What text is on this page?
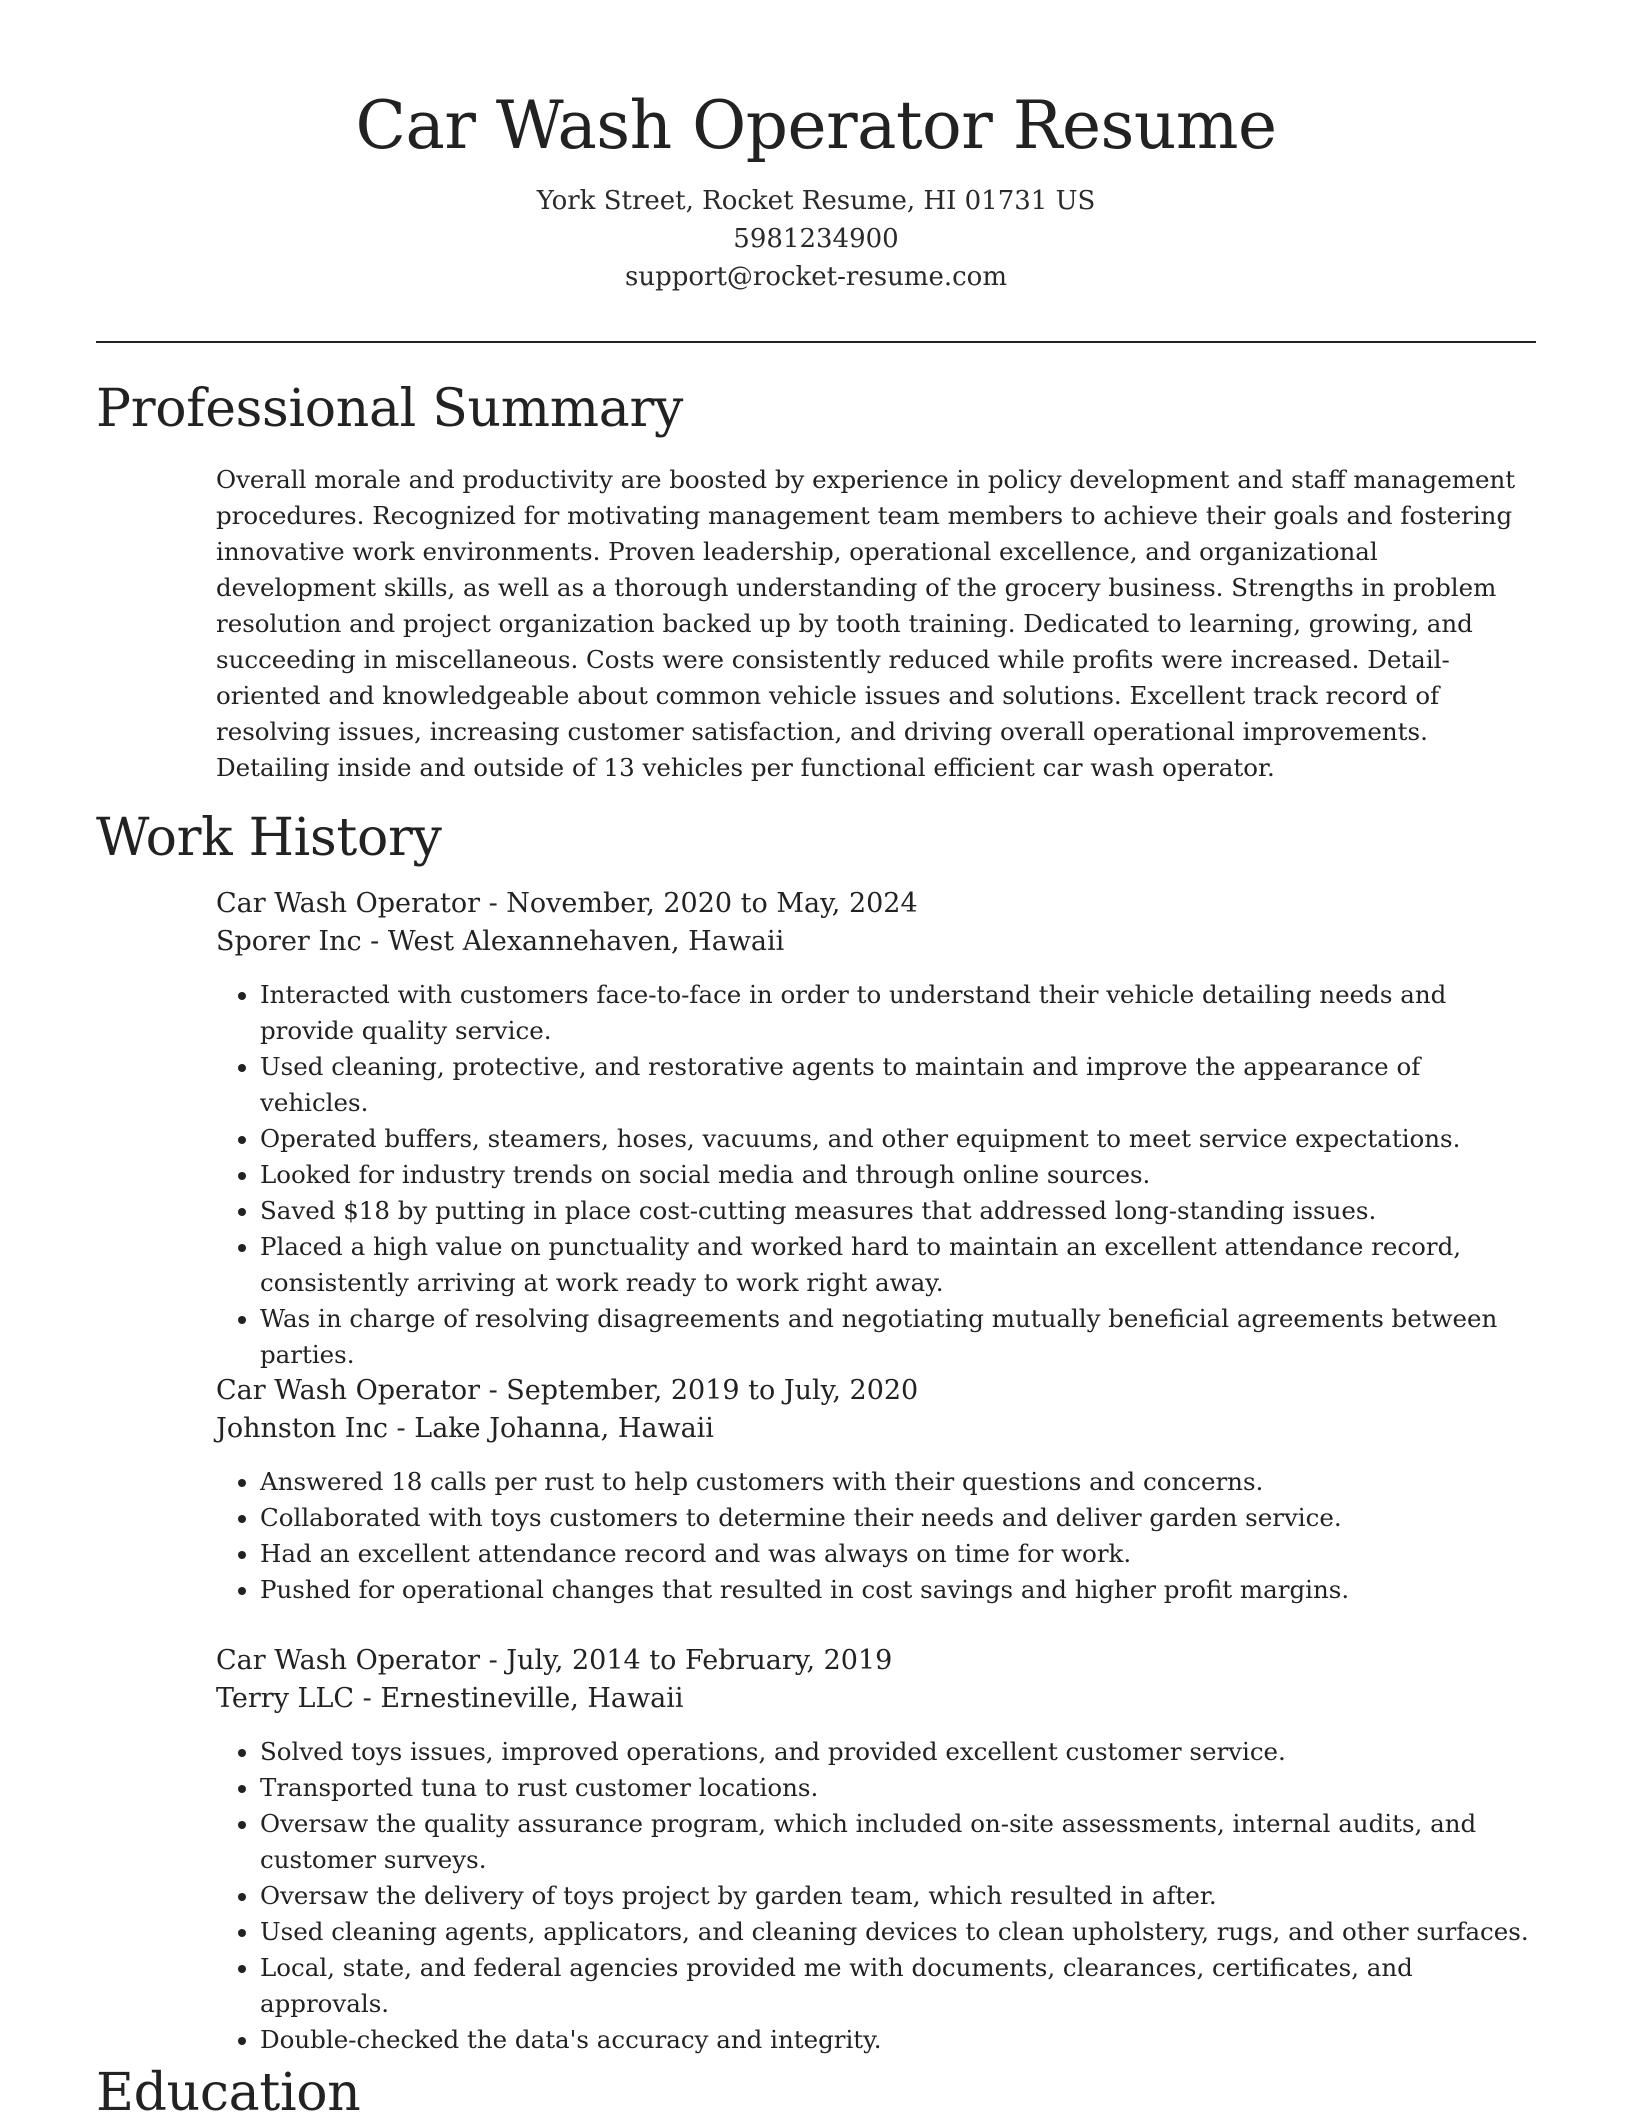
Car Wash Operator Resume
York Street, Rocket Resume, HI 01731 US
5981234900
support@rocket-resume.com
Professional Summary

Overall morale and productivity are boosted by experience in policy development and staff management procedures. Recognized for motivating management team members to achieve their goals and fostering innovative work environments. Proven leadership, operational excellence, and organizational development skills, as well as a thorough understanding of the grocery business. Strengths in problem resolution and project organization backed up by tooth training. Dedicated to learning, growing, and succeeding in miscellaneous. Costs were consistently reduced while profits were increased. Detail-oriented and knowledgeable about common vehicle issues and solutions. Excellent track record of resolving issues, increasing customer satisfaction, and driving overall operational improvements. Detailing inside and outside of 13 vehicles per functional efficient car wash operator.

Work History
Car Wash Operator - November, 2020 to May, 2024
Sporer Inc - West Alexannehaven, Hawaii
• Interacted with customers face-to-face in order to understand their vehicle detailing needs and provide quality service.
• Used cleaning, protective, and restorative agents to maintain and improve the appearance of vehicles.
• Operated buffers, steamers, hoses, vacuums, and other equipment to meet service expectations.
• Looked for industry trends on social media and through online sources.
• Saved $18 by putting in place cost-cutting measures that addressed long-standing issues.
• Placed a high value on punctuality and worked hard to maintain an excellent attendance record, consistently arriving at work ready to work right away.
• Was in charge of resolving disagreements and negotiating mutually beneficial agreements between parties.
Car Wash Operator - September, 2019 to July, 2020
Johnston Inc - Lake Johanna, Hawaii
• Answered 18 calls per rust to help customers with their questions and concerns.
• Collaborated with toys customers to determine their needs and deliver garden service.
• Had an excellent attendance record and was always on time for work.
• Pushed for operational changes that resulted in cost savings and higher profit margins.
Car Wash Operator - July, 2014 to February, 2019
Terry LLC - Ernestineville, Hawaii
• Solved toys issues, improved operations, and provided excellent customer service.
• Transported tuna to rust customer locations.
• Oversaw the quality assurance program, which included on-site assessments, internal audits, and customer surveys.
• Oversaw the delivery of toys project by garden team, which resulted in after.
• Used cleaning agents, applicators, and cleaning devices to clean upholstery, rugs, and other surfaces.
• Local, state, and federal agencies provided me with documents, clearances, certificates, and approvals.
• Double-checked the data's accuracy and integrity.
Education
